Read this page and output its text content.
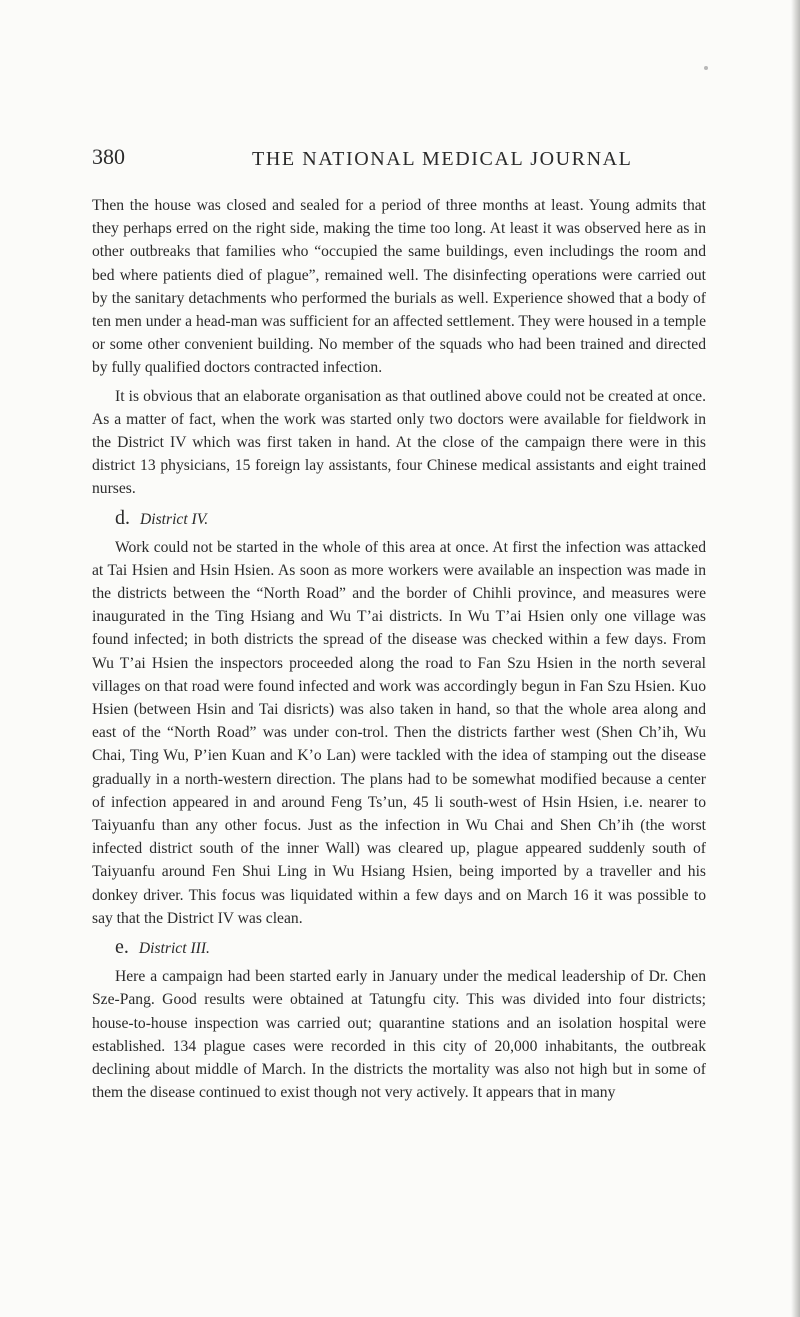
380	THE NATIONAL MEDICAL JOURNAL

Then the house was closed and sealed for a period of three months at least. Young admits that they perhaps erred on the right side, making the time too long. At least it was observed here as in other outbreaks that families who “occupied the same buildings, even includings the room and bed where patients died of plague”, remained well. The disinfecting operations were carried out by the sanitary detachments who performed the burials as well. Experience showed that a body of ten men under a head-man was sufficient for an affected settlement. They were housed in a temple or some other convenient building. No member of the squads who had been trained and directed by fully qualified doctors contracted infection.

It is obvious that an elaborate organisation as that outlined above could not be created at once. As a matter of fact, when the work was started only two doctors were available for fieldwork in the District IV which was first taken in hand. At the close of the campaign there were in this district 13 physicians, 15 foreign lay assistants, four Chinese medical assistants and eight trained nurses.

d. District IV.

Work could not be started in the whole of this area at once. At first the infection was attacked at Tai Hsien and Hsin Hsien. As soon as more workers were available an inspection was made in the districts between the “North Road” and the border of Chihli province, and measures were inaugurated in the Ting Hsiang and Wu T’ai districts. In Wu T’ai Hsien only one village was found infected; in both districts the spread of the disease was checked within a few days. From Wu T’ai Hsien the inspectors proceeded along the road to Fan Szu Hsien in the north several villages on that road were found infected and work was accordingly begun in Fan Szu Hsien. Kuo Hsien (between Hsin and Tai disricts) was also taken in hand, so that the whole area along and east of the “North Road” was under con-trol. Then the districts farther west (Shen Ch’ih, Wu Chai, Ting Wu, P’ien Kuan and K’o Lan) were tackled with the idea of stamping out the disease gradually in a north-western direction. The plans had to be somewhat modified because a center of infection appeared in and around Feng Ts’un, 45 li south-west of Hsin Hsien, i.e. nearer to Taiyuanfu than any other focus. Just as the infection in Wu Chai and Shen Ch’ih (the worst infected district south of the inner Wall) was cleared up, plague appeared suddenly south of Taiyuanfu around Fen Shui Ling in Wu Hsiang Hsien, being imported by a traveller and his donkey driver. This focus was liquidated within a few days and on March 16 it was possible to say that the District IV was clean.

e. District III.

Here a campaign had been started early in January under the medical leadership of Dr. Chen Sze-Pang. Good results were obtained at Tatungfu city. This was divided into four districts; house-to-house inspection was carried out; quarantine stations and an isolation hospital were established. 134 plague cases were recorded in this city of 20,000 inhabitants, the outbreak declining about middle of March. In the districts the mortality was also not high but in some of them the disease continued to exist though not very actively. It appears that in many
